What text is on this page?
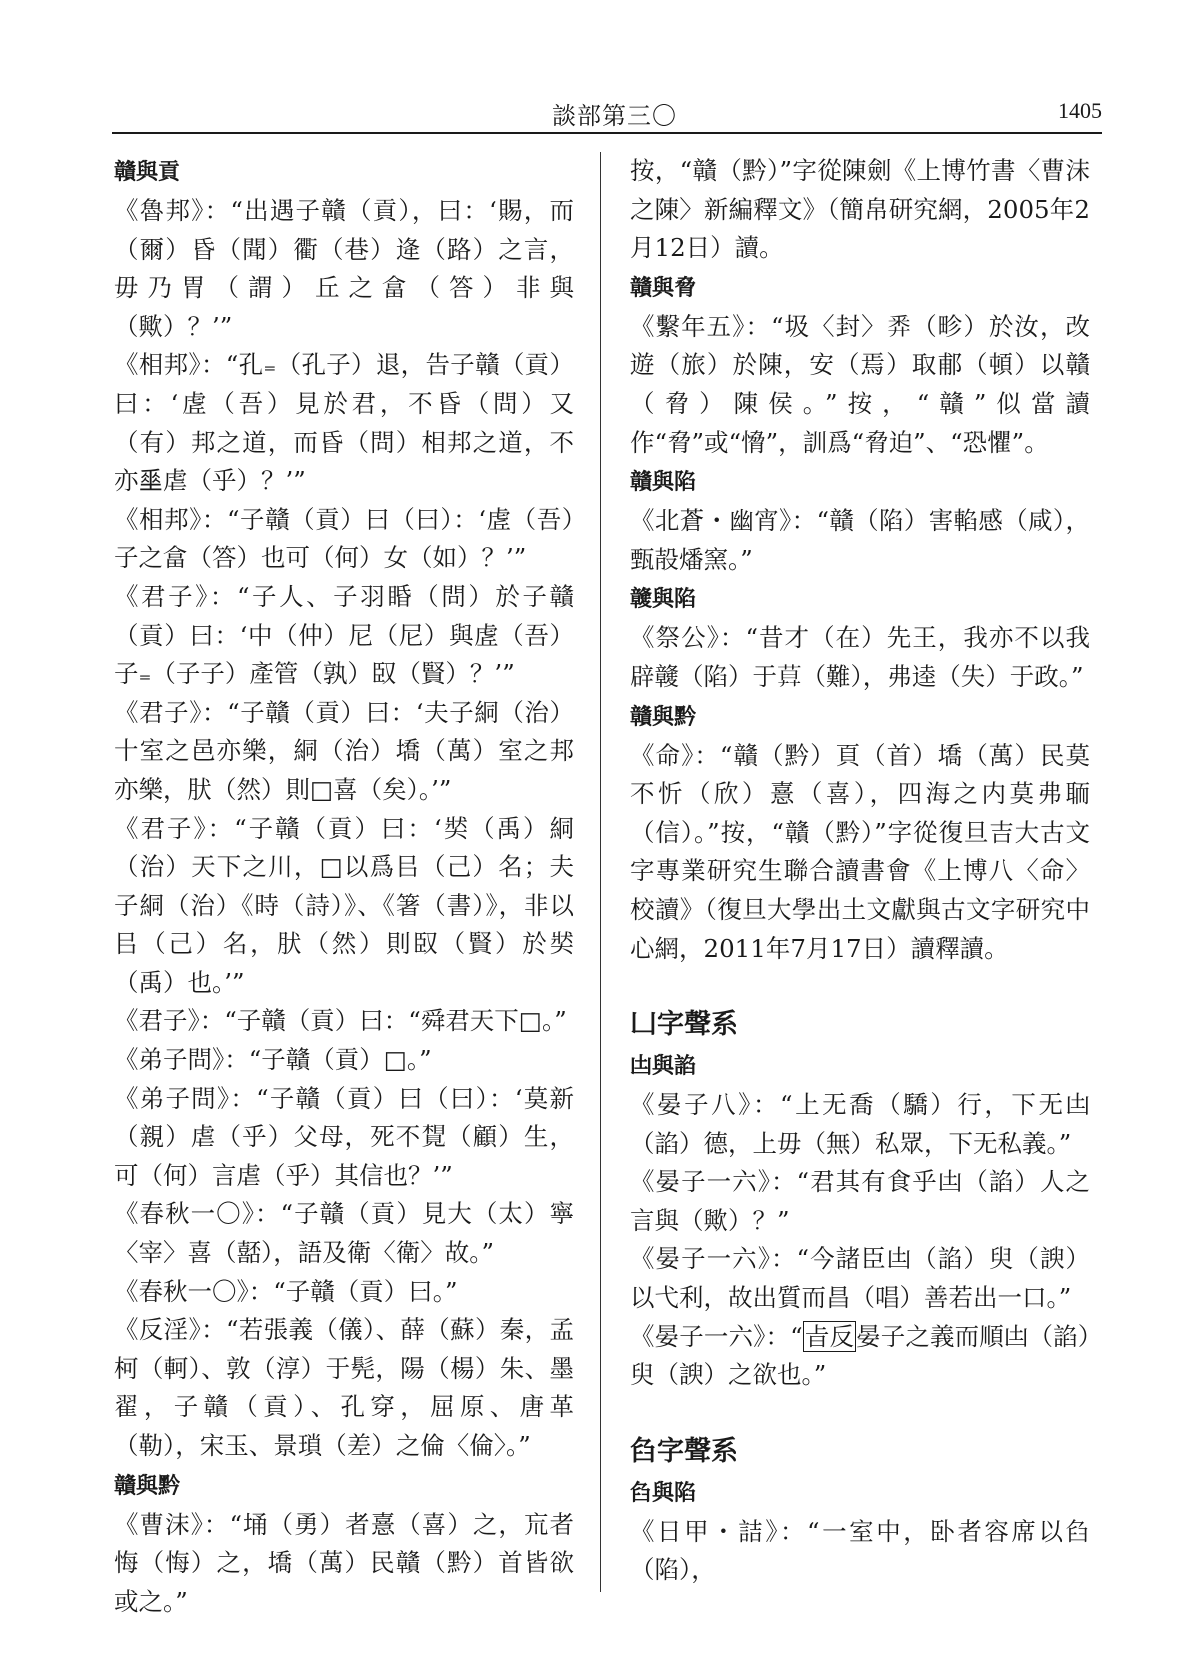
談部第三〇	1405
贛與貢

《魯邦》：“出遇子贛（貢），曰：‘賜，而（爾）昏（聞）衢（巷）逄（路）之言，毋乃胃（謂）丘之畣（答）非與（歟）？’”

《相邦》：“孔₌（孔子）退，告子贛（貢）曰：‘虗（吾）見於君，不昏（問）又（有）邦之道，而昏（問）相邦之道，不亦𡍮虐（乎）？’”

《相邦》：“子贛（貢）曰（曰）：‘虗（吾）子之畣（答）也可（何）女（如）？’”

《君子》：“子人、子羽睧（問）於子贛（貢）曰：‘中（仲）尼（尼）與虗（吾）子₌（子子）產管（孰）臤（賢）？’”

《君子》：“子贛（貢）曰：‘夫子絧（治）十室之邑亦樂，絧（治）墧（萬）室之邦亦樂，肰（然）則□喜（矣）。’”

《君子》：“子贛（貢）曰：‘𡘾（禹）絧（治）天下之川，□以爲㠯（己）名；夫子絧（治）《時（詩）》、《箸（書）》，非以㠯（己）名，肰（然）則臤（賢）於𡘾（禹）也。’”

《君子》：“子贛（貢）曰：“舜君天下□。”

《弟子問》：“子贛（貢）□。”

《弟子問》：“子贛（貢）曰（曰）：‘莫新（親）虐（乎）父母，死不𧡮（顧）生，可（何）言虐（乎）其信也？’”

《春秋一〇》：“子贛（貢）見大（太）寧〈宰〉喜（嚭），語及衛〈衛〉故。”

《春秋一〇》：“子贛（貢）曰。”

《反淫》：“若張義（儀）、薛（蘇）秦，孟柯（軻）、敦（淳）于髡，陽（楊）朱、墨翟，子贛（貢）、孔穿，屈原、唐革（勒），宋玉、景瑣（差）之倫〈倫〉。”

贛與黔

《曹沫》：“埇（勇）者憙（喜）之，巟者悔（悔）之，墧（萬）民贛（黔）首皆欲或之。”

按，“贛（黔）”字從陳劍《上博竹書〈曹沫之陳〉新編釋文》（簡帛研究網，2005年2月12日）讀。

贛與脅

《繫年五》：“圾〈封〉𢍏（畛）於汝，改遊（旅）於陳，安（焉）取郙（頓）以贛（脅）陳侯。”按，“贛”似當讀作“脅”或“愶”，訓爲“脅迫”、“恐懼”。

贛與陷

《北蒼・幽宵》：“贛（陷）害輡感（咸），甄㱿燔窯。”

竷與陷

《祭公》：“昔才（在）先王，我亦不以我辟竷（陷）于𦱤（難），弗逵（失）于政。”

贛與黔

《命》：“贛（黔）頁（首）墧（萬）民莫不忻（欣）憙（喜），四海之内莫弗聏（信）。”按，“贛（黔）”字從復旦吉大古文字專業研究生聯合讀書會《上博八〈命〉校讀》（復旦大學出土文獻與古文字研究中心網，2011年7月17日）讀釋讀。

凵字聲系
凷與諂

《晏子八》：“上无喬（驕）行，下无凷（諂）德，上毋（無）私眾，下无私義。”

《晏子一六》：“君其有食乎凷（諂）人之言與（歟）？”

《晏子一六》：“今諸臣凷（諂）臾（諛）以弋利，故出質而昌（唱）善若出一口。”

《晏子一六》：“㫖反晏子之義而順凷（諂）臾（諛）之欲也。”

臽字聲系
臽與陷

《日甲・詰》：“一室中，卧者容席以臽（陷），
